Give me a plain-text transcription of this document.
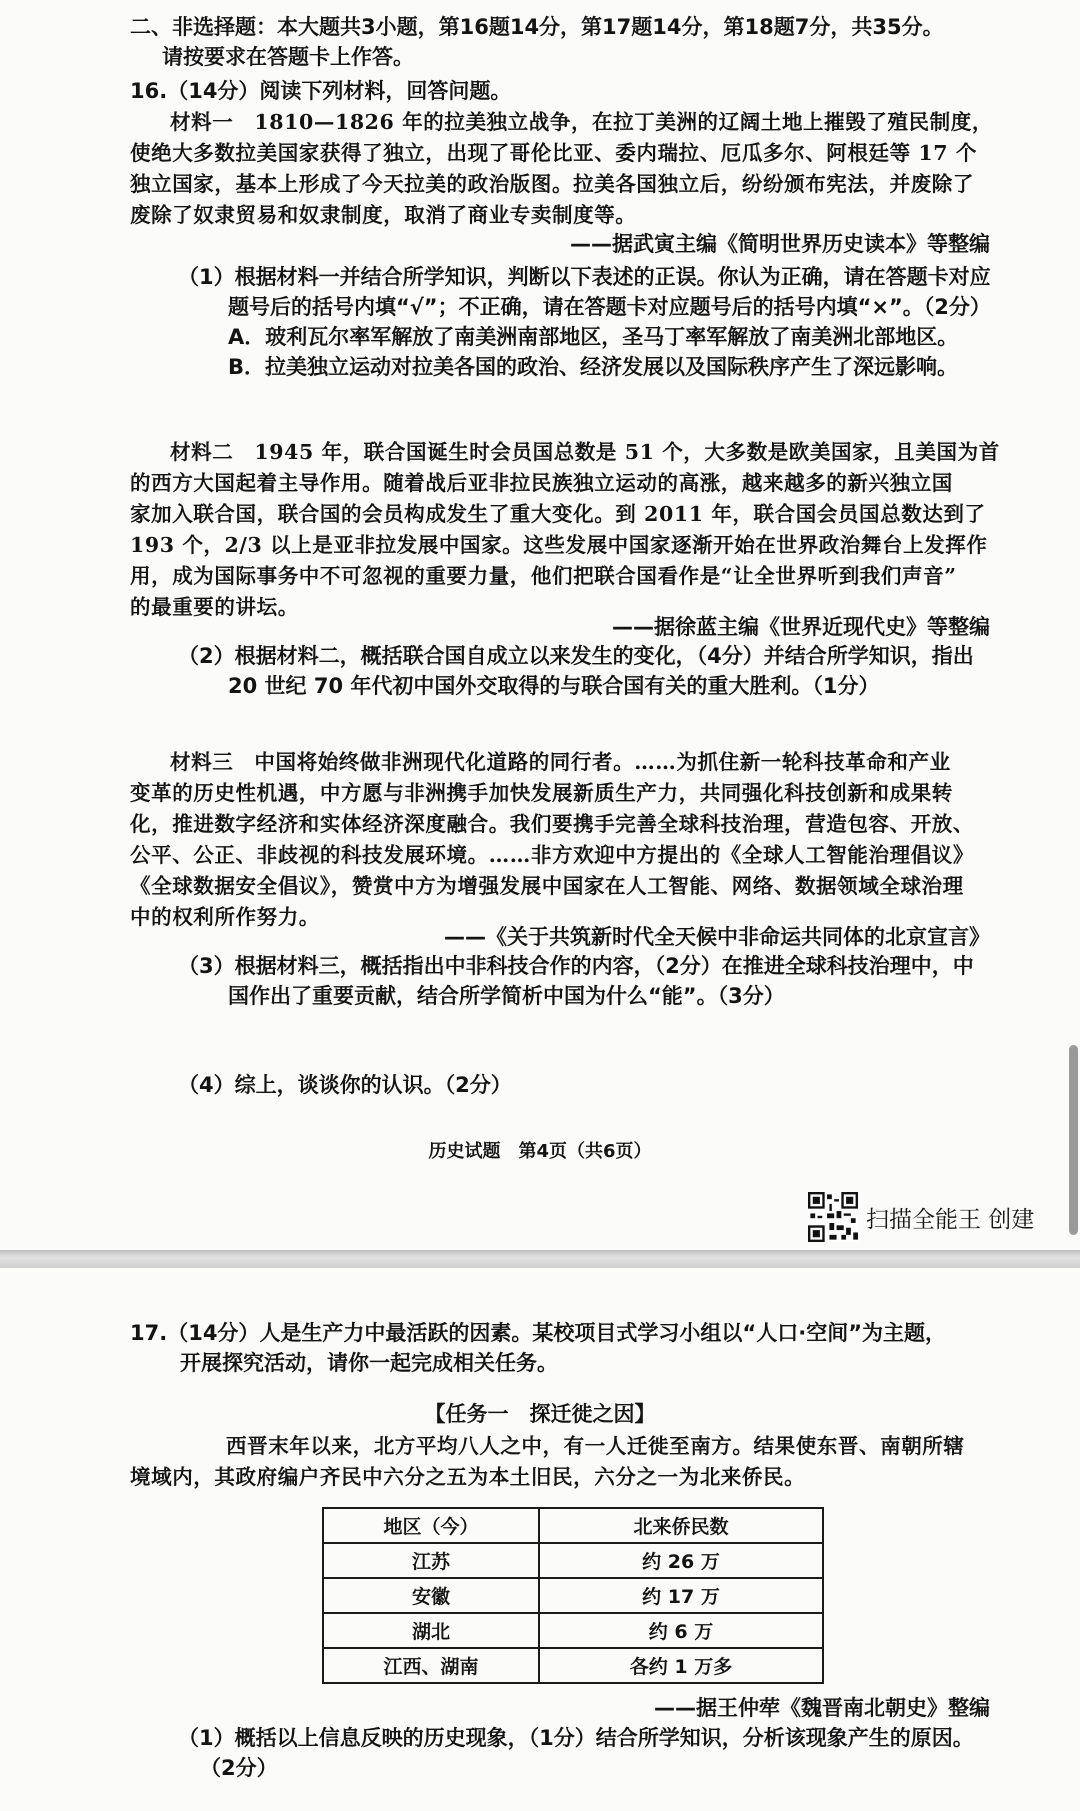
二、非选择题：本大题共3小题，第16题14分，第17题14分，第18题7分，共35分。
请按要求在答题卡上作答。
16.（14分）阅读下列材料，回答问题。
材料一　1810—1826 年的拉美独立战争，在拉丁美洲的辽阔土地上摧毁了殖民制度，
使绝大多数拉美国家获得了独立，出现了哥伦比亚、委内瑞拉、厄瓜多尔、阿根廷等 17 个
独立国家，基本上形成了今天拉美的政治版图。拉美各国独立后，纷纷颁布宪法，并废除了
废除了奴隶贸易和奴隶制度，取消了商业专卖制度等。
——据武寅主编《简明世界历史读本》等整编
（1）根据材料一并结合所学知识，判断以下表述的正误。你认为正确，请在答题卡对应
题号后的括号内填“√”；不正确，请在答题卡对应题号后的括号内填“×”。（2分）
A．玻利瓦尔率军解放了南美洲南部地区，圣马丁率军解放了南美洲北部地区。
B．拉美独立运动对拉美各国的政治、经济发展以及国际秩序产生了深远影响。
材料二　1945 年，联合国诞生时会员国总数是 51 个，大多数是欧美国家，且美国为首
的西方大国起着主导作用。随着战后亚非拉民族独立运动的高涨，越来越多的新兴独立国
家加入联合国，联合国的会员构成发生了重大变化。到 2011 年，联合国会员国总数达到了
193 个，2/3 以上是亚非拉发展中国家。这些发展中国家逐渐开始在世界政治舞台上发挥作
用，成为国际事务中不可忽视的重要力量，他们把联合国看作是“让全世界听到我们声音”
的最重要的讲坛。
——据徐蓝主编《世界近现代史》等整编
（2）根据材料二，概括联合国自成立以来发生的变化，（4分）并结合所学知识，指出
20 世纪 70 年代初中国外交取得的与联合国有关的重大胜利。（1分）
材料三　中国将始终做非洲现代化道路的同行者。……为抓住新一轮科技革命和产业
变革的历史性机遇，中方愿与非洲携手加快发展新质生产力，共同强化科技创新和成果转
化，推进数字经济和实体经济深度融合。我们要携手完善全球科技治理，营造包容、开放、
公平、公正、非歧视的科技发展环境。……非方欢迎中方提出的《全球人工智能治理倡议》
《全球数据安全倡议》，赞赏中方为增强发展中国家在人工智能、网络、数据领域全球治理
中的权利所作努力。
——《关于共筑新时代全天候中非命运共同体的北京宣言》
（3）根据材料三，概括指出中非科技合作的内容，（2分）在推进全球科技治理中，中
国作出了重要贡献，结合所学简析中国为什么“能”。（3分）
（4）综上，谈谈你的认识。（2分）
历史试题　第4页（共6页）
扫描全能王 创建
17.（14分）人是生产力中最活跃的因素。某校项目式学习小组以“人口·空间”为主题，
开展探究活动，请你一起完成相关任务。
【任务一　探迁徙之因】
西晋末年以来，北方平均八人之中，有一人迁徙至南方。结果使东晋、南朝所辖
境域内，其政府编户齐民中六分之五为本土旧民，六分之一为北来侨民。
地区（今）	北来侨民数
江苏	约 26 万
安徽	约 17 万
湖北	约 6 万
江西、湖南	各约 1 万多
——据王仲荦《魏晋南北朝史》整编
（1）概括以上信息反映的历史现象，（1分）结合所学知识，分析该现象产生的原因。
（2分）
